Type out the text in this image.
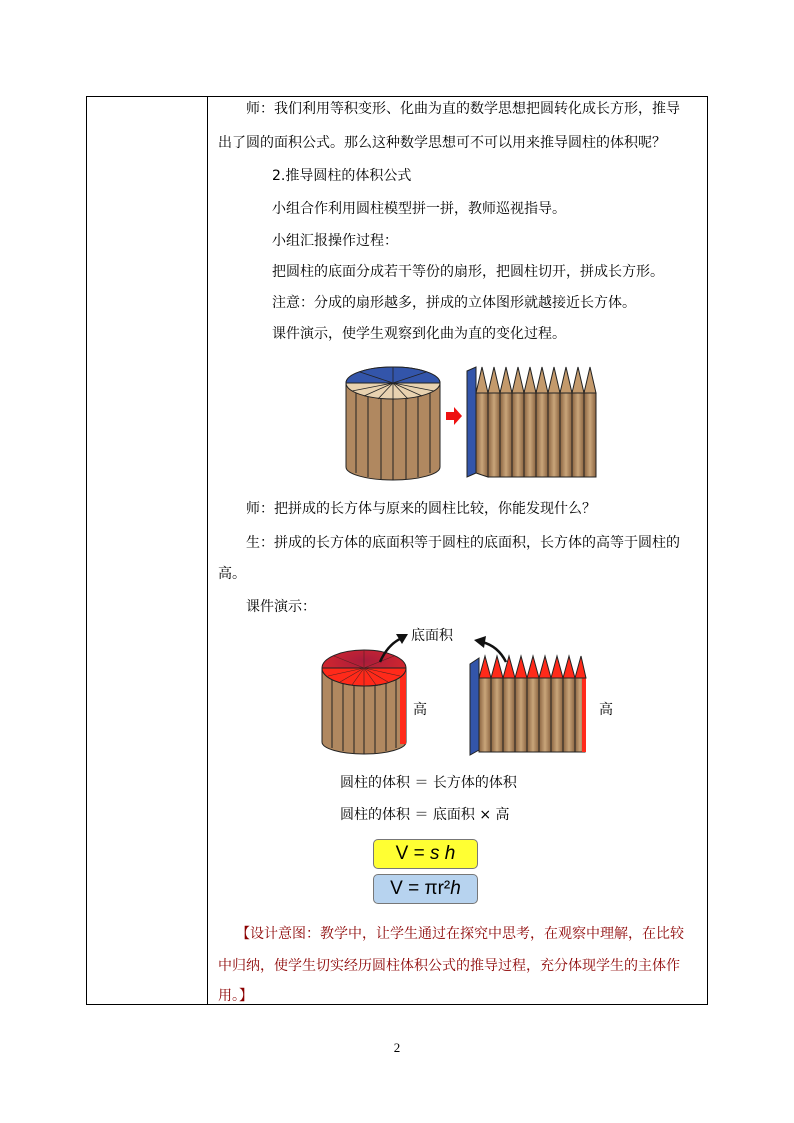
师：我们利用等积变形、化曲为直的数学思想把圆转化成长方形，推导
出了圆的面积公式。那么这种数学思想可不可以用来推导圆柱的体积呢？
2.推导圆柱的体积公式
小组合作利用圆柱模型拼一拼，教师巡视指导。
小组汇报操作过程：
把圆柱的底面分成若干等份的扇形，把圆柱切开，拼成长方形。
注意：分成的扇形越多，拼成的立体图形就越接近长方体。
课件演示，使学生观察到化曲为直的变化过程。
师：把拼成的长方体与原来的圆柱比较，你能发现什么？
生：拼成的长方体的底面积等于圆柱的底面积，长方体的高等于圆柱的
高。
课件演示：
底面积
高	高
圆柱的体积 ＝ 长方体的体积
圆柱的体积 ＝ 底面积 × 高
V = s h
V = πr²h
【设计意图：教学中，让学生通过在探究中思考，在观察中理解，在比较
中归纳，使学生切实经历圆柱体积公式的推导过程，充分体现学生的主体作
用。】
2
